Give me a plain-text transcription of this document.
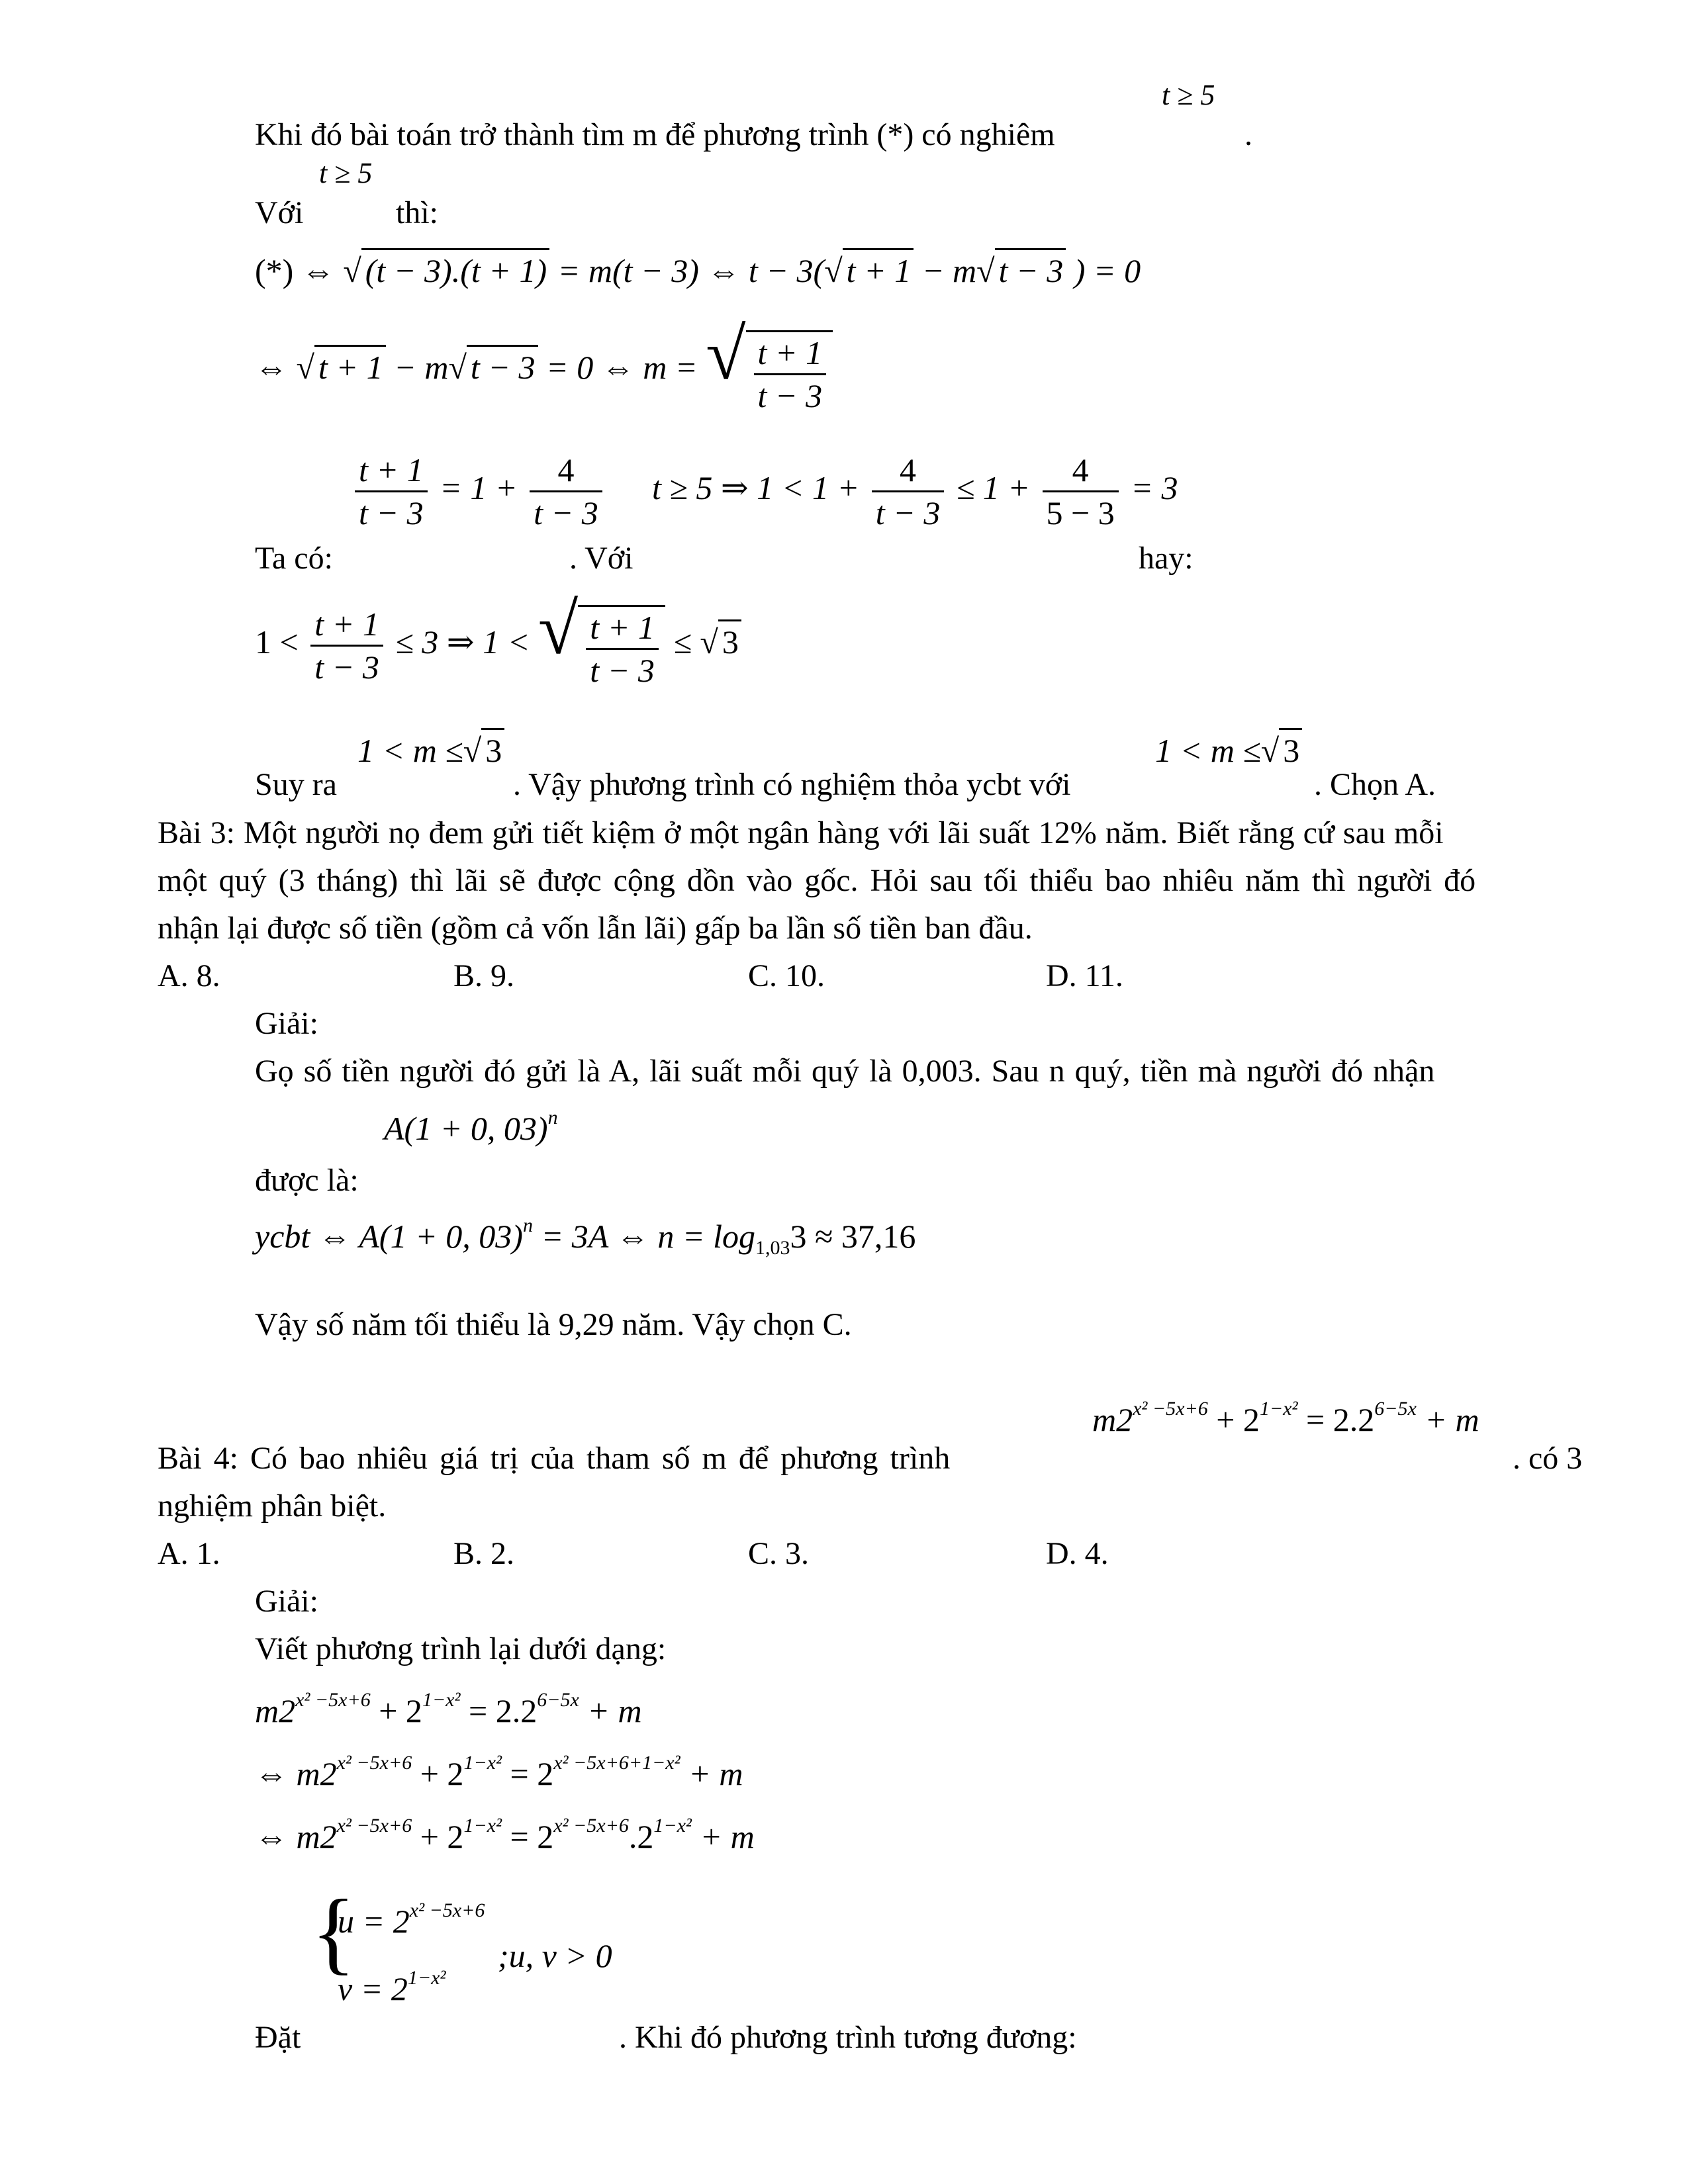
t ≥ 5
Khi đó bài toán trở thành tìm m để phương trình (*) có nghiêm	.
t ≥ 5
Với	thì:
(*) ⇔ √ (t − 3).(t + 1) = m(t − 3) ⇔ t − 3(√ t + 1 − m√ t − 3 ) = 0
⇔ √ t + 1 − m√ t − 3 = 0 ⇔ m = √ $\frac{t + 1}{t - 3}$
$\frac{t + 1}{t - 3} = 1 + \frac{4}{t - 3}$ t ≥ 5 ⇒ $1 < 1 + \frac{4}{t - 3} \le 1 + \frac{4}{5 - 3} = 3$
Ta có:	. Với	hay:
$1 < \frac{t + 1}{t - 3} \le 3$ ⇒ 1 < √ $\frac{t + 1}{t - 3}$ ≤ √ 3
1 < m ≤√ 3	1 < m ≤√ 3
Suy ra	. Vậy phương trình có nghiệm thỏa ycbt với	. Chọn A.
Bài 3: Một người nọ đem gửi tiết kiệm ở một ngân hàng với lãi suất 12% năm. Biết rằng cứ sau mỗi
một quý (3 tháng) thì lãi sẽ được cộng dồn vào gốc. Hỏi sau tối thiểu bao nhiêu năm thì người đó
nhận lại được số tiền (gồm cả vốn lẫn lãi) gấp ba lần số tiền ban đầu.
A. 8.	B. 9.	C. 10.	D. 11.
Giải:
Gọ số tiền người đó gửi là A, lãi suất mỗi quý là 0,003. Sau n quý, tiền mà người đó nhận
A(1 + 0, 03)$^n$
được là:
ycbt ⇔ A(1 + 0, 03)$^n$ = 3A ⇔ $n = \log_{1,03}3 \approx 37,16$
Vậy số năm tối thiểu là 9,29 năm. Vậy chọn C.
$m2^{x^2 -5x+6} + 2^{1-x^2} = 2.2^{6-5x} + m$
Bài 4: Có bao nhiêu giá trị của tham số m để phương trình	. có 3
nghiệm phân biệt.
A. 1.	B. 2.	C. 3.	D. 4.
Giải:
Viết phương trình lại dưới dạng:
$m2^{x^2 -5x+6} + 2^{1-x^2} = 2.2^{6-5x} + m$
⇔ $m2^{x^2 -5x+6} + 2^{1-x^2} = 2^{x^2 -5x+6+1-x^2} + m$
⇔ $m2^{x^2 -5x+6} + 2^{1-x^2} = 2^{x^2 -5x+6}.2^{1-x^2} + m$
{
$u = 2^{x^2 -5x+6}$
$v = 2^{1-x^2}$
;u, v > 0
Đặt	. Khi đó phương trình tương đương:
